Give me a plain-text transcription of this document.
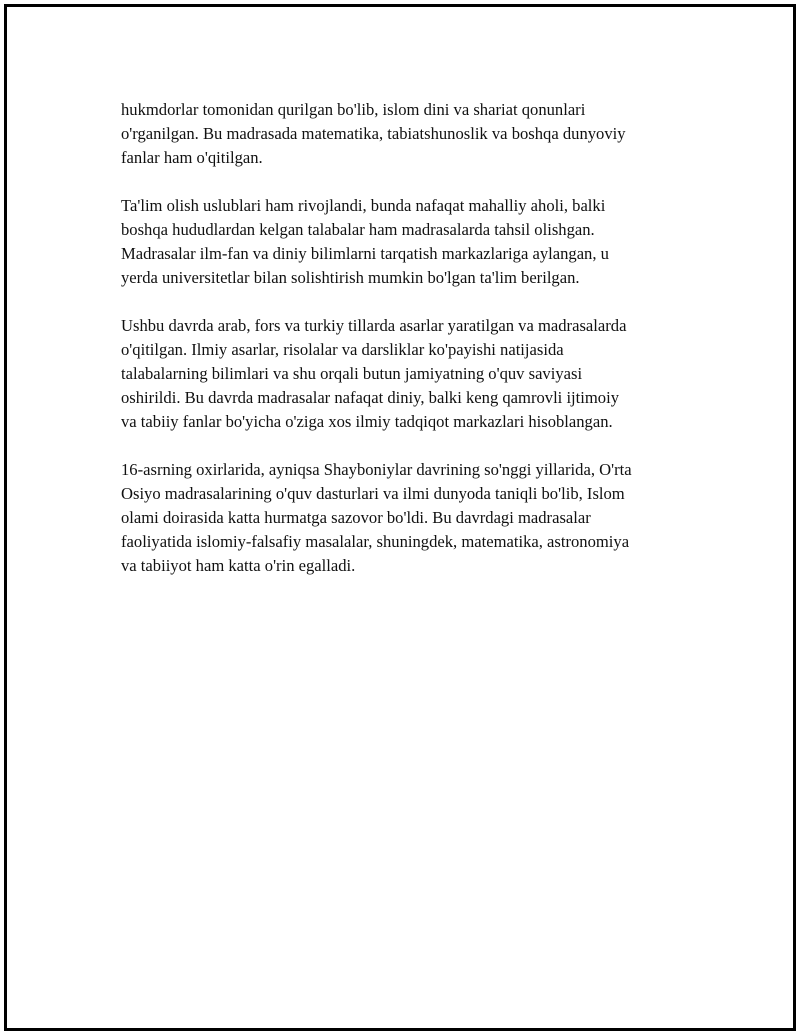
hukmdorlar tomonidan qurilgan bo'lib, islom dini va shariat qonunlari
o'rganilgan. Bu madrasada matematika, tabiatshunoslik va boshqa dunyoviy
fanlar ham o'qitilgan.

Ta'lim olish uslublari ham rivojlandi, bunda nafaqat mahalliy aholi, balki
boshqa hududlardan kelgan talabalar ham madrasalarda tahsil olishgan.
Madrasalar ilm-fan va diniy bilimlarni tarqatish markazlariga aylangan, u
yerda universitetlar bilan solishtirish mumkin bo'lgan ta'lim berilgan.

Ushbu davrda arab, fors va turkiy tillarda asarlar yaratilgan va madrasalarda
o'qitilgan. Ilmiy asarlar, risolalar va darsliklar ko'payishi natijasida
talabalarning bilimlari va shu orqali butun jamiyatning o'quv saviyasi
oshirildi. Bu davrda madrasalar nafaqat diniy, balki keng qamrovli ijtimoiy
va tabiiy fanlar bo'yicha o'ziga xos ilmiy tadqiqot markazlari hisoblangan.

16-asrning oxirlarida, ayniqsa Shayboniylar davrining so'nggi yillarida, O'rta
Osiyo madrasalarining o'quv dasturlari va ilmi dunyoda taniqli bo'lib, Islom
olami doirasida katta hurmatga sazovor bo'ldi. Bu davrdagi madrasalar
faoliyatida islomiy-falsafiy masalalar, shuningdek, matematika, astronomiya
va tabiiyot ham katta o'rin egalladi.
